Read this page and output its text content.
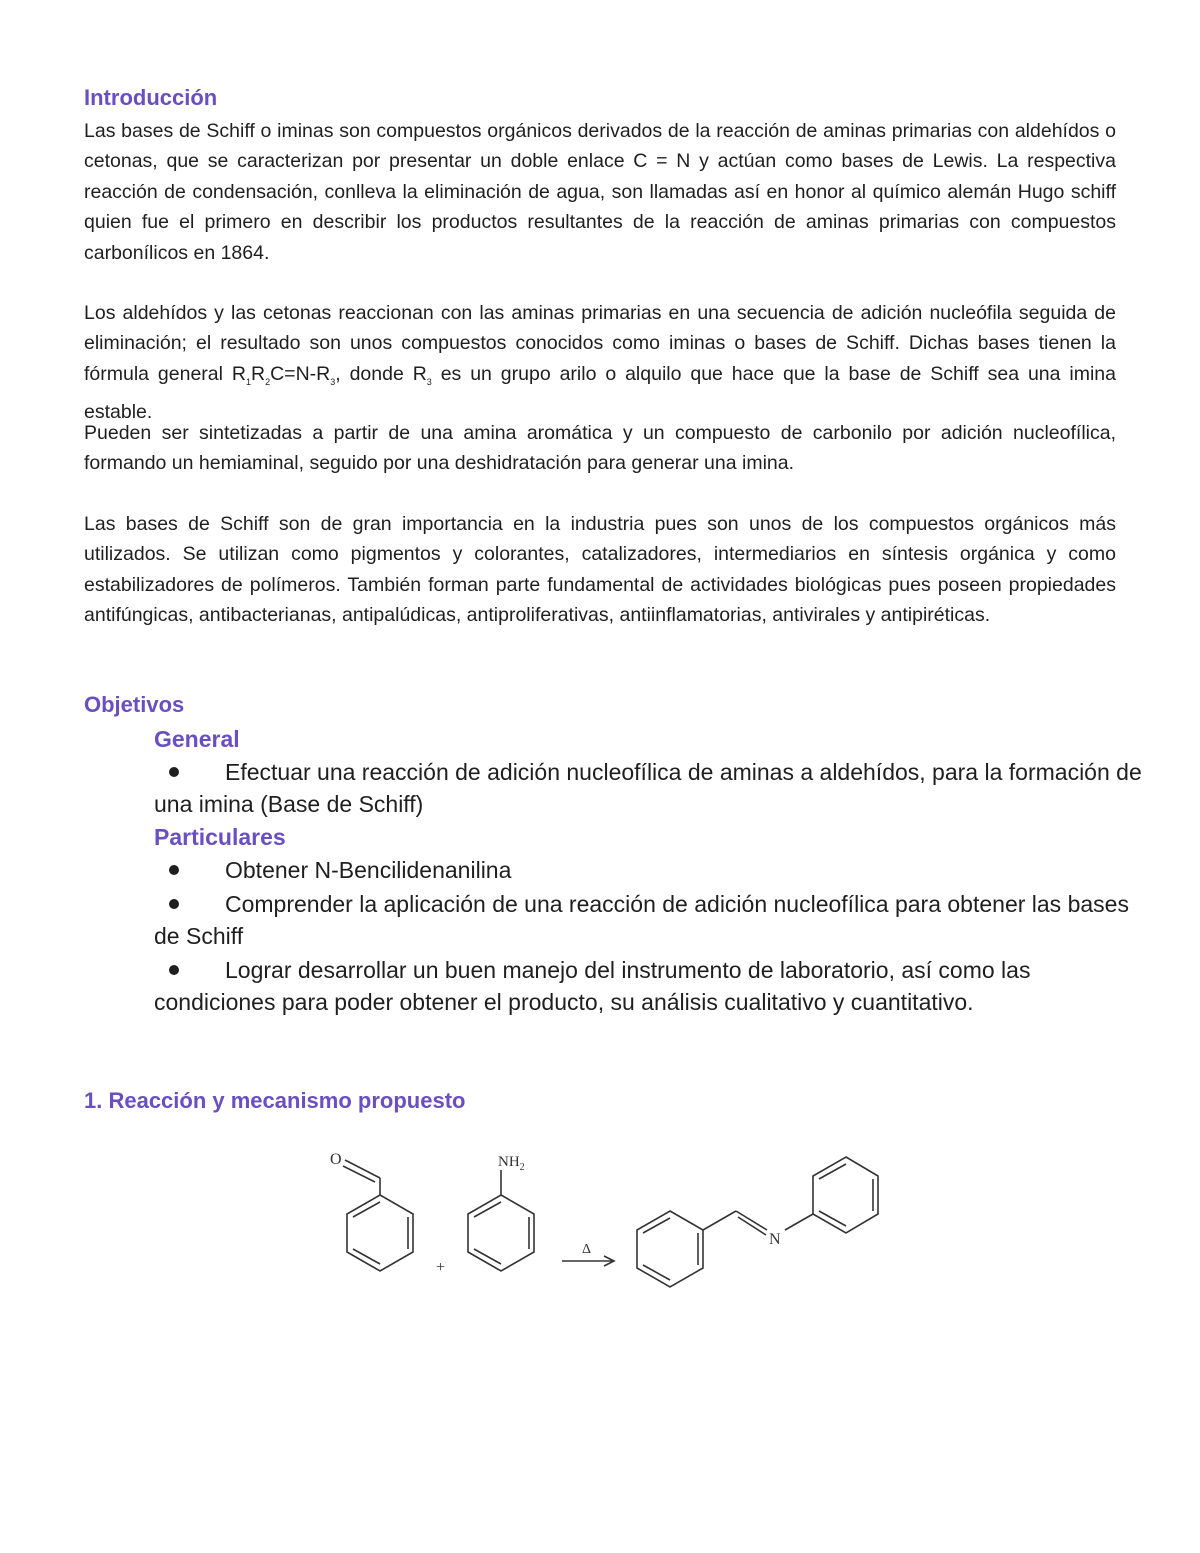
Introducción

Las bases de Schiff o iminas son compuestos orgánicos derivados de la reacción de aminas primarias con aldehídos o cetonas, que se caracterizan por presentar un doble enlace C = N y actúan como bases de Lewis. La respectiva reacción de condensación, conlleva la eliminación de agua, son llamadas así en honor al químico alemán Hugo schiff quien fue el primero en describir los productos resultantes de la reacción de aminas primarias con compuestos carbonílicos en 1864.

Los aldehídos y las cetonas reaccionan con las aminas primarias en una secuencia de adición nucleófila seguida de eliminación; el resultado son unos compuestos conocidos como iminas o bases de Schiff. Dichas bases tienen la fórmula general $R_1R_2C=N-R_3$, donde $R_3$ es un grupo arilo o alquilo que hace que la base de Schiff sea una imina estable.

Pueden ser sintetizadas a partir de una amina aromática y un compuesto de carbonilo por adición nucleofílica, formando un hemiaminal, seguido por una deshidratación para generar una imina.

Las bases de Schiff son de gran importancia en la industria pues son unos de los compuestos orgánicos más utilizados. Se utilizan como pigmentos y colorantes, catalizadores, intermediarios en síntesis orgánica y como estabilizadores de polímeros. También forman parte fundamental de actividades biológicas pues poseen propiedades antifúngicas, antibacterianas, antipalúdicas, antiproliferativas, antiinflamatorias, antivirales y antipiréticas.

Objetivos
General
Efectuar una reacción de adición nucleofílica de aminas a aldehídos, para la formación de una imina (Base de Schiff)
Particulares
Obtener N-Bencilidenanilina
Comprender la aplicación de una reacción de adición nucleofílica para obtener las bases de Schiff
Lograr desarrollar un buen manejo del instrumento de laboratorio, así como las condiciones para poder obtener el producto, su análisis cualitativo y cuantitativo.
1. Reacción y mecanismo propuesto
O	$NH_2$
+
Δ
N
